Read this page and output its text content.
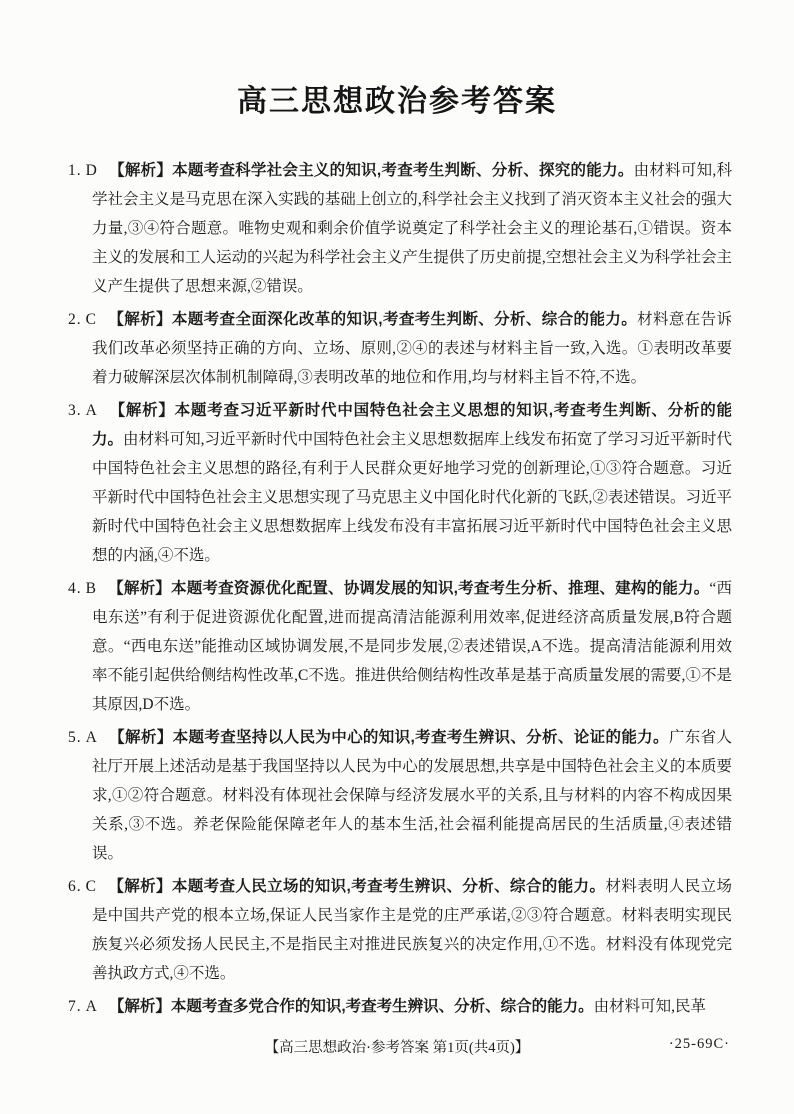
高三思想政治参考答案

1. D 【解析】本题考查科学社会主义的知识,考查考生判断、分析、探究的能力。由材料可知,科学社会主义是马克思在深入实践的基础上创立的,科学社会主义找到了消灭资本主义社会的强大力量,③④符合题意。唯物史观和剩余价值学说奠定了科学社会主义的理论基石,①错误。资本主义的发展和工人运动的兴起为科学社会主义产生提供了历史前提,空想社会主义为科学社会主义产生提供了思想来源,②错误。

2. C 【解析】本题考查全面深化改革的知识,考查考生判断、分析、综合的能力。材料意在告诉我们改革必须坚持正确的方向、立场、原则,②④的表述与材料主旨一致,入选。①表明改革要着力破解深层次体制机制障碍,③表明改革的地位和作用,均与材料主旨不符,不选。

3. A 【解析】本题考查习近平新时代中国特色社会主义思想的知识,考查考生判断、分析的能力。由材料可知,习近平新时代中国特色社会主义思想数据库上线发布拓宽了学习习近平新时代中国特色社会主义思想的路径,有利于人民群众更好地学习党的创新理论,①③符合题意。习近平新时代中国特色社会主义思想实现了马克思主义中国化时代化新的飞跃,②表述错误。习近平新时代中国特色社会主义思想数据库上线发布没有丰富拓展习近平新时代中国特色社会主义思想的内涵,④不选。

4. B 【解析】本题考查资源优化配置、协调发展的知识,考查考生分析、推理、建构的能力。“西电东送”有利于促进资源优化配置,进而提高清洁能源利用效率,促进经济高质量发展,B符合题意。“西电东送”能推动区域协调发展,不是同步发展,②表述错误,A不选。提高清洁能源利用效率不能引起供给侧结构性改革,C不选。推进供给侧结构性改革是基于高质量发展的需要,①不是其原因,D不选。

5. A 【解析】本题考查坚持以人民为中心的知识,考查考生辨识、分析、论证的能力。广东省人社厅开展上述活动是基于我国坚持以人民为中心的发展思想,共享是中国特色社会主义的本质要求,①②符合题意。材料没有体现社会保障与经济发展水平的关系,且与材料的内容不构成因果关系,③不选。养老保险能保障老年人的基本生活,社会福利能提高居民的生活质量,④表述错误。

6. C 【解析】本题考查人民立场的知识,考查考生辨识、分析、综合的能力。材料表明人民立场是中国共产党的根本立场,保证人民当家作主是党的庄严承诺,②③符合题意。材料表明实现民族复兴必须发扬人民民主,不是指民主对推进民族复兴的决定作用,①不选。材料没有体现党完善执政方式,④不选。

7. A 【解析】本题考查多党合作的知识,考查考生辨识、分析、综合的能力。由材料可知,民革

【高三思想政治·参考答案 第1页(共4页)】	·25-69C·
